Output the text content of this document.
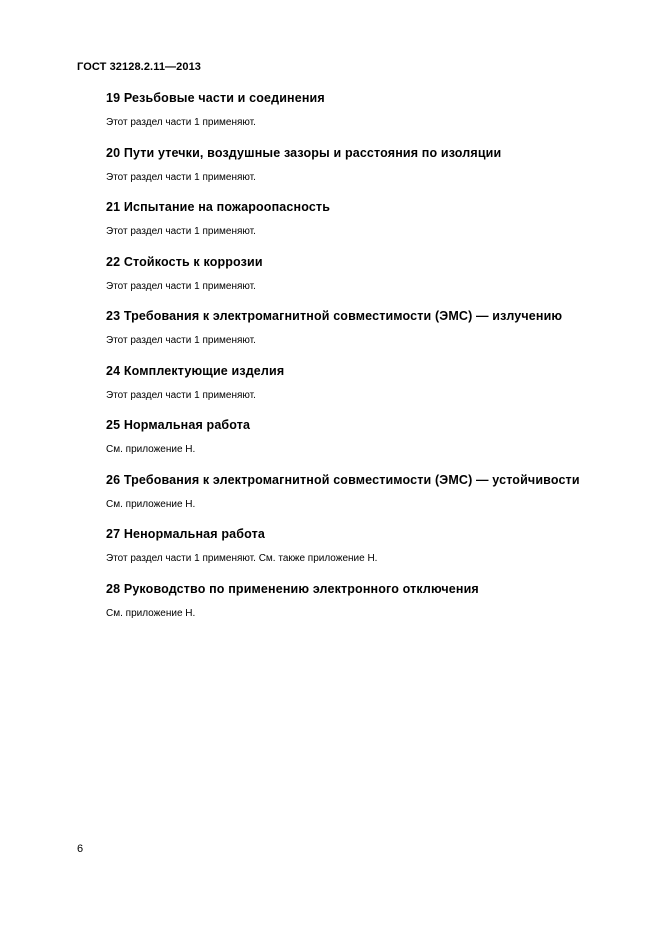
ГОСТ 32128.2.11—2013
19 Резьбовые части и соединения
Этот раздел части 1 применяют.
20 Пути утечки, воздушные зазоры и расстояния по изоляции
Этот раздел части 1 применяют.
21 Испытание на пожароопасность
Этот раздел части 1 применяют.
22 Стойкость к коррозии
Этот раздел части 1 применяют.
23 Требования к электромагнитной совместимости (ЭМС) — излучению
Этот раздел части 1 применяют.
24 Комплектующие изделия
Этот раздел части 1 применяют.
25 Нормальная работа
См. приложение Н.
26 Требования к электромагнитной совместимости (ЭМС) — устойчивости
См. приложение Н.
27 Ненормальная работа
Этот раздел части 1 применяют. См. также приложение Н.
28 Руководство по применению электронного отключения
См. приложение Н.
6
